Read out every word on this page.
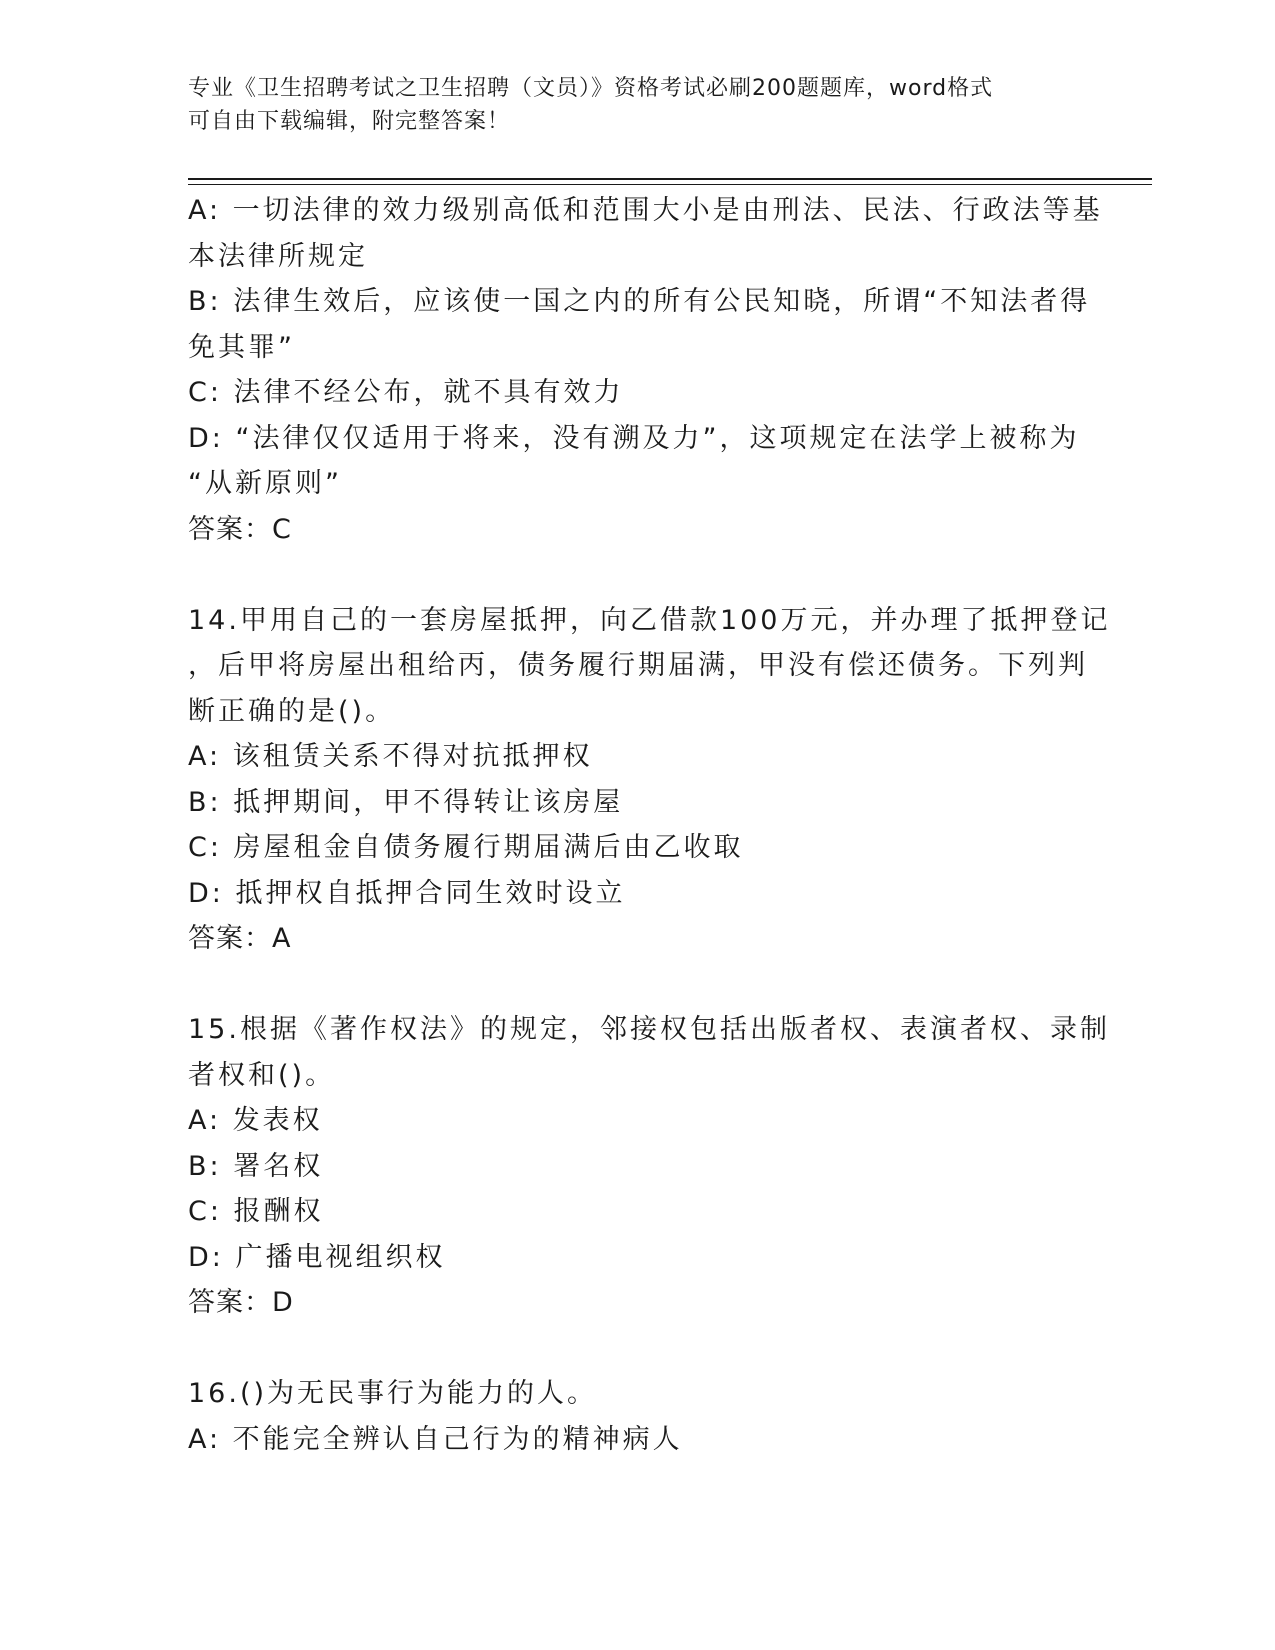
专业《卫生招聘考试之卫生招聘（文员）》资格考试必刷200题题库，word格式
可自由下载编辑，附完整答案！
A: 一切法律的效力级别高低和范围大小是由刑法、民法、行政法等基
本法律所规定
B: 法律生效后，应该使一国之内的所有公民知晓，所谓“不知法者得
免其罪”
C: 法律不经公布，就不具有效力
D: “法律仅仅适用于将来，没有溯及力”，这项规定在法学上被称为
“从新原则”
答案：C
14.甲用自己的一套房屋抵押，向乙借款100万元，并办理了抵押登记
，后甲将房屋出租给丙，债务履行期届满，甲没有偿还债务。下列判
断正确的是()。
A: 该租赁关系不得对抗抵押权
B: 抵押期间，甲不得转让该房屋
C: 房屋租金自债务履行期届满后由乙收取
D: 抵押权自抵押合同生效时设立
答案：A
15.根据《著作权法》的规定，邻接权包括出版者权、表演者权、录制
者权和()。
A: 发表权
B: 署名权
C: 报酬权
D: 广播电视组织权
答案：D
16.()为无民事行为能力的人。
A: 不能完全辨认自己行为的精神病人
